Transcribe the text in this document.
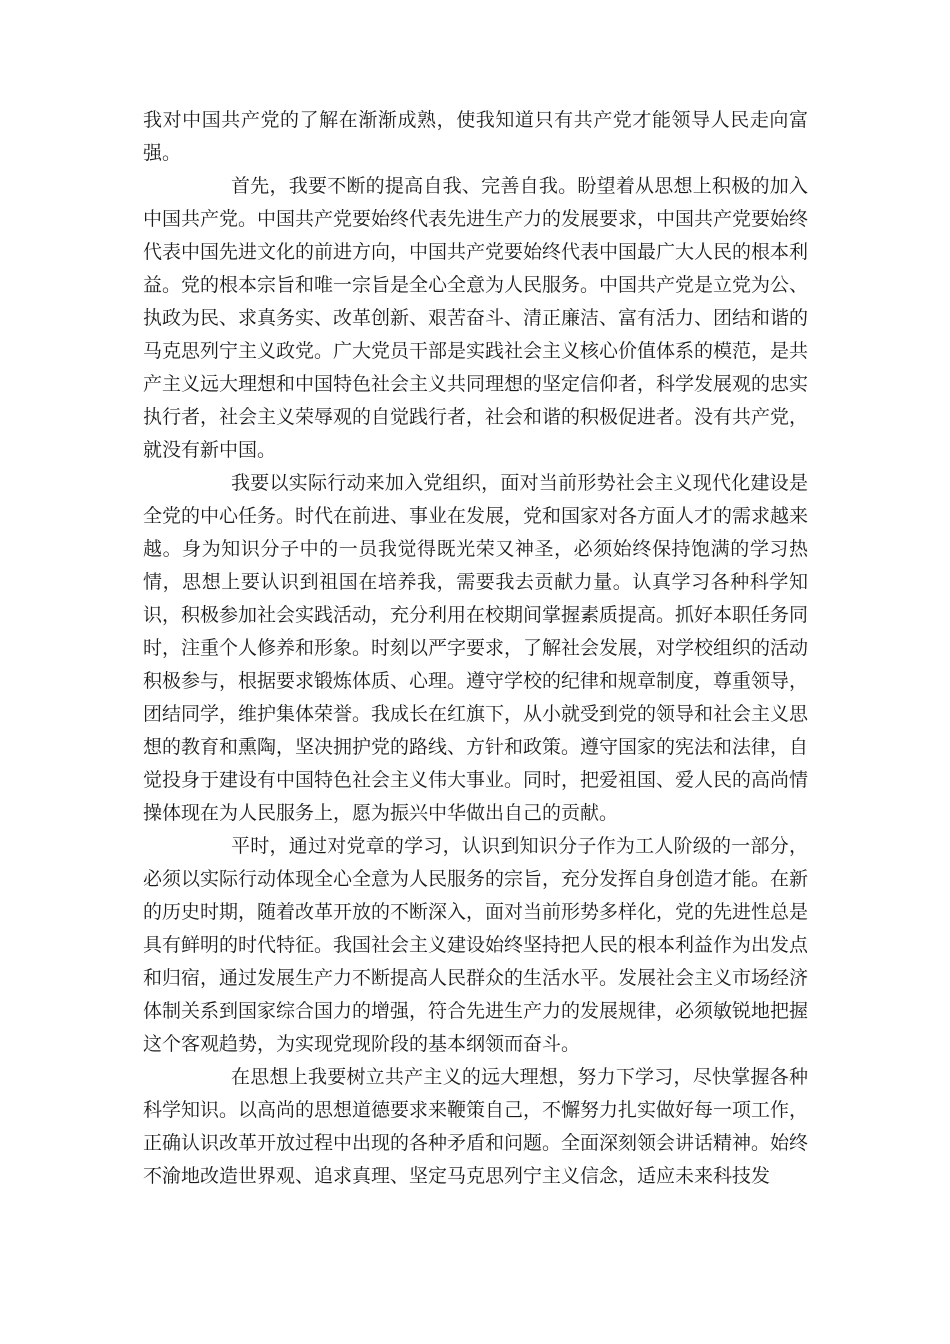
我对中国共产党的了解在渐渐成熟，使我知道只有共产党才能领导人民走向富强。

首先，我要不断的提高自我、完善自我。盼望着从思想上积极的加入中国共产党。中国共产党要始终代表先进生产力的发展要求，中国共产党要始终代表中国先进文化的前进方向，中国共产党要始终代表中国最广大人民的根本利益。党的根本宗旨和唯一宗旨是全心全意为人民服务。中国共产党是立党为公、执政为民、求真务实、改革创新、艰苦奋斗、清正廉洁、富有活力、团结和谐的马克思列宁主义政党。广大党员干部是实践社会主义核心价值体系的模范，是共产主义远大理想和中国特色社会主义共同理想的坚定信仰者，科学发展观的忠实执行者，社会主义荣辱观的自觉践行者，社会和谐的积极促进者。没有共产党，就没有新中国。

我要以实际行动来加入党组织，面对当前形势社会主义现代化建设是全党的中心任务。时代在前进、事业在发展，党和国家对各方面人才的需求越来越。身为知识分子中的一员我觉得既光荣又神圣，必须始终保持饱满的学习热情，思想上要认识到祖国在培养我，需要我去贡献力量。认真学习各种科学知识，积极参加社会实践活动，充分利用在校期间掌握素质提高。抓好本职任务同时，注重个人修养和形象。时刻以严字要求，了解社会发展，对学校组织的活动积极参与，根据要求锻炼体质、心理。遵守学校的纪律和规章制度，尊重领导，团结同学，维护集体荣誉。我成长在红旗下，从小就受到党的领导和社会主义思想的教育和熏陶，坚决拥护党的路线、方针和政策。遵守国家的宪法和法律，自觉投身于建设有中国特色社会主义伟大事业。同时，把爱祖国、爱人民的高尚情操体现在为人民服务上，愿为振兴中华做出自己的贡献。

平时，通过对党章的学习，认识到知识分子作为工人阶级的一部分，必须以实际行动体现全心全意为人民服务的宗旨，充分发挥自身创造才能。在新的历史时期，随着改革开放的不断深入，面对当前形势多样化，党的先进性总是具有鲜明的时代特征。我国社会主义建设始终坚持把人民的根本利益作为出发点和归宿，通过发展生产力不断提高人民群众的生活水平。发展社会主义市场经济体制关系到国家综合国力的增强，符合先进生产力的发展规律，必须敏锐地把握这个客观趋势，为实现党现阶段的基本纲领而奋斗。

在思想上我要树立共产主义的远大理想，努力下学习，尽快掌握各种科学知识。以高尚的思想道德要求来鞭策自己，不懈努力扎实做好每一项工作，正确认识改革开放过程中出现的各种矛盾和问题。全面深刻领会讲话精神。始终不渝地改造世界观、追求真理、坚定马克思列宁主义信念，适应未来科技发
